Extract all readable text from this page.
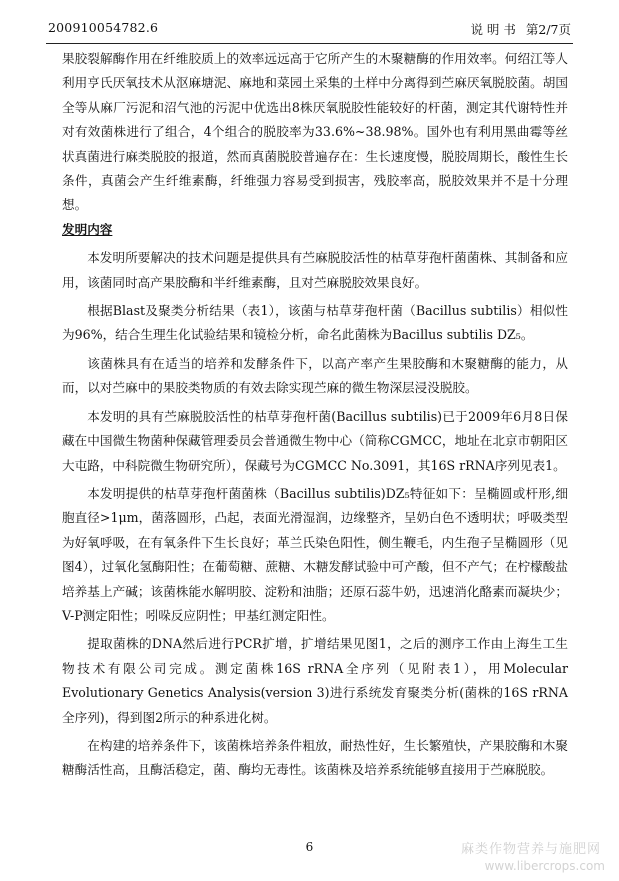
200910054782.6	说 明 书 第2/7页

果胶裂解酶作用在纤维胶质上的效率远远高于它所产生的木聚糖酶的作用效率。何绍江等人利用亨氏厌氧技术从沤麻塘泥、麻地和菜园土采集的土样中分离得到苎麻厌氧脱胶菌。胡国全等从麻厂污泥和沼气池的污泥中优选出8株厌氧脱胶性能较好的杆菌，测定其代谢特性并对有效菌株进行了组合，4个组合的脱胶率为33.6%~38.98%。国外也有利用黑曲霉等丝状真菌进行麻类脱胶的报道，然而真菌脱胶普遍存在：生长速度慢，脱胶周期长，酸性生长条件，真菌会产生纤维素酶，纤维强力容易受到损害，残胶率高，脱胶效果并不是十分理想。

发明内容

本发明所要解决的技术问题是提供具有苎麻脱胶活性的枯草芽孢杆菌菌株、其制备和应用，该菌同时高产果胶酶和半纤维素酶，且对苎麻脱胶效果良好。

根据Blast及聚类分析结果（表1），该菌与枯草芽孢杆菌（Bacillus subtilis）相似性为96%，结合生理生化试验结果和镜检分析，命名此菌株为Bacillus subtilis DZ₅。

该菌株具有在适当的培养和发酵条件下，以高产率产生果胶酶和木聚糖酶的能力，从而，以对苎麻中的果胶类物质的有效去除实现苎麻的微生物深层浸没脱胶。

本发明的具有苎麻脱胶活性的枯草芽孢杆菌(Bacillus subtilis)已于2009年6月8日保藏在中国微生物菌种保藏管理委员会普通微生物中心（简称CGMCC，地址在北京市朝阳区大屯路，中科院微生物研究所），保藏号为CGMCC No.3091，其16S rRNA序列见表1。

本发明提供的枯草芽孢杆菌菌株（Bacillus subtilis)DZ₅特征如下：呈椭圆或杆形,细胞直径>1μm，菌落圆形，凸起，表面光滑湿润，边缘整齐，呈奶白色不透明状；呼吸类型为好氧呼吸，在有氧条件下生长良好；革兰氏染色阳性，侧生鞭毛，内生孢子呈椭圆形（见图4），过氧化氢酶阳性；在葡萄糖、蔗糖、木糖发酵试验中可产酸，但不产气；在柠檬酸盐培养基上产碱；该菌株能水解明胶、淀粉和油脂；还原石蕊牛奶，迅速消化酪素而凝块少；V-P测定阳性；吲哚反应阴性；甲基红测定阳性。

提取菌株的DNA然后进行PCR扩增，扩增结果见图1，之后的测序工作由上海生工生物技术有限公司完成。测定菌株16S rRNA全序列（见附表1），用Molecular Evolutionary Genetics Analysis(version 3)进行系统发育聚类分析(菌株的16S rRNA全序列)，得到图2所示的种系进化树。

在构建的培养条件下，该菌株培养条件粗放，耐热性好，生长繁殖快，产果胶酶和木聚糖酶活性高，且酶活稳定，菌、酶均无毒性。该菌株及培养系统能够直接用于苎麻脱胶。

6	麻类作物营养与施肥网
www.libercrops.com
